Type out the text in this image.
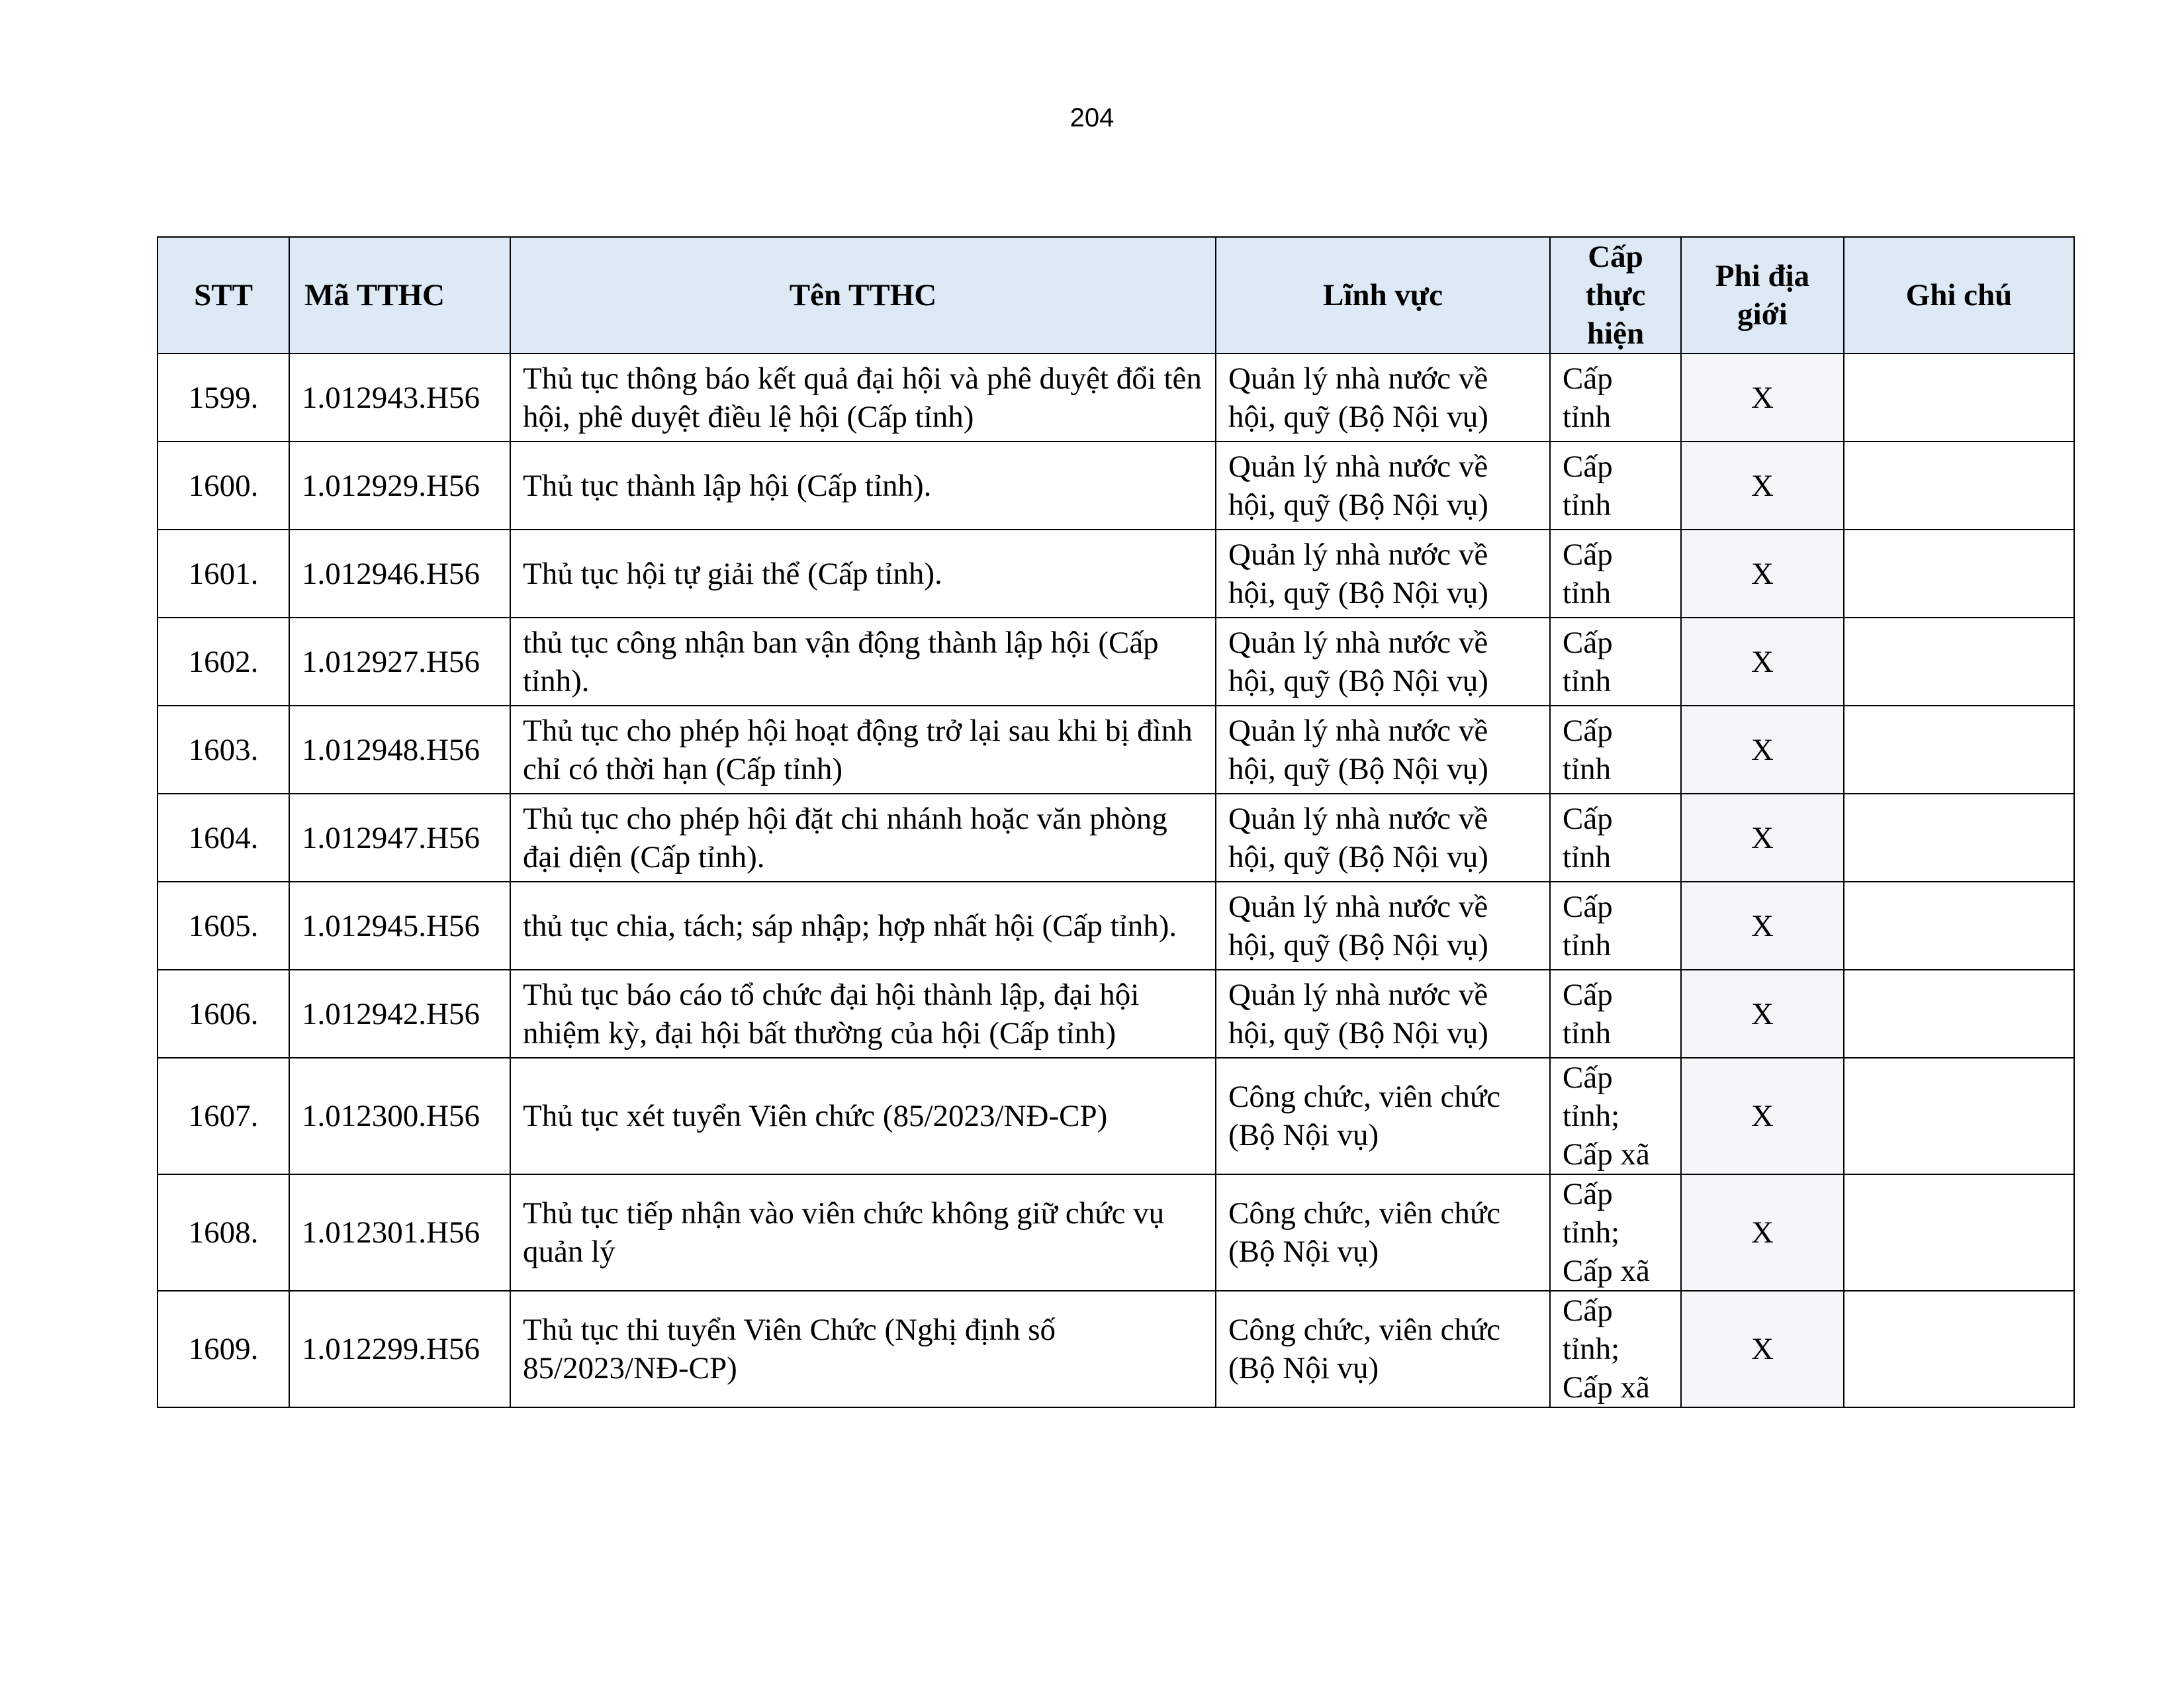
204
STT	Mã TTHC	Tên TTHC	Lĩnh vực	Cấp thực hiện	Phi địa giới	Ghi chú
1599.	1.012943.H56	Thủ tục thông báo kết quả đại hội và phê duyệt đổi tên hội, phê duyệt điều lệ hội (Cấp tỉnh)	Quản lý nhà nước về hội, quỹ (Bộ Nội vụ)	Cấp tỉnh	X	
1600.	1.012929.H56	Thủ tục thành lập hội (Cấp tỉnh).	Quản lý nhà nước về hội, quỹ (Bộ Nội vụ)	Cấp tỉnh	X	
1601.	1.012946.H56	Thủ tục hội tự giải thể (Cấp tỉnh).	Quản lý nhà nước về hội, quỹ (Bộ Nội vụ)	Cấp tỉnh	X	
1602.	1.012927.H56	thủ tục công nhận ban vận động thành lập hội (Cấp tỉnh).	Quản lý nhà nước về hội, quỹ (Bộ Nội vụ)	Cấp tỉnh	X	
1603.	1.012948.H56	Thủ tục cho phép hội hoạt động trở lại sau khi bị đình chỉ có thời hạn (Cấp tỉnh)	Quản lý nhà nước về hội, quỹ (Bộ Nội vụ)	Cấp tỉnh	X	
1604.	1.012947.H56	Thủ tục cho phép hội đặt chi nhánh hoặc văn phòng đại diện (Cấp tỉnh).	Quản lý nhà nước về hội, quỹ (Bộ Nội vụ)	Cấp tỉnh	X	
1605.	1.012945.H56	thủ tục chia, tách; sáp nhập; hợp nhất hội (Cấp tỉnh).	Quản lý nhà nước về hội, quỹ (Bộ Nội vụ)	Cấp tỉnh	X	
1606.	1.012942.H56	Thủ tục báo cáo tổ chức đại hội thành lập, đại hội nhiệm kỳ, đại hội bất thường của hội (Cấp tỉnh)	Quản lý nhà nước về hội, quỹ (Bộ Nội vụ)	Cấp tỉnh	X	
1607.	1.012300.H56	Thủ tục xét tuyển Viên chức (85/2023/NĐ-CP)	Công chức, viên chức (Bộ Nội vụ)	Cấp tỉnh; Cấp xã	X	
1608.	1.012301.H56	Thủ tục tiếp nhận vào viên chức không giữ chức vụ quản lý	Công chức, viên chức (Bộ Nội vụ)	Cấp tỉnh; Cấp xã	X	
1609.	1.012299.H56	Thủ tục thi tuyển Viên Chức (Nghị định số 85/2023/NĐ-CP)	Công chức, viên chức (Bộ Nội vụ)	Cấp tỉnh; Cấp xã	X	
